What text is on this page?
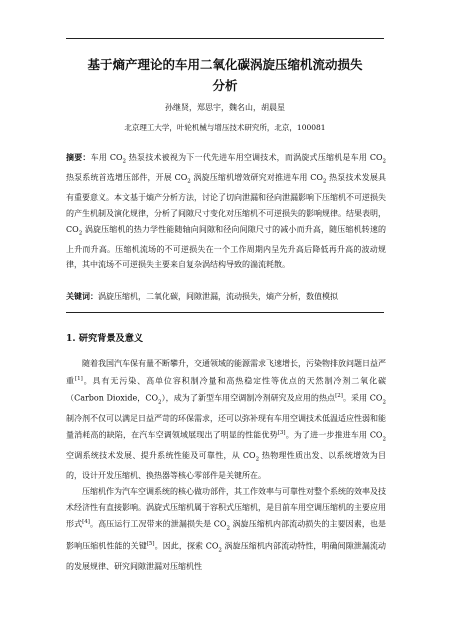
基于熵产理论的车用二氧化碳涡旋压缩机流动损失
分析
孙继贤，郑思宇，魏名山，胡晨星
北京理工大学，叶轮机械与增压技术研究所，北京，100081
摘要：车用 $CO_2$ 热泵技术被视为下一代先进车用空调技术，而涡旋式压缩机是车用 $CO_2$ 热泵系统首选增压部件，开展 $CO_2$ 涡旋压缩机增效研究对推进车用 $CO_2$ 热泵技术发展具有重要意义。本文基于熵产分析方法，讨论了切向泄漏和径向泄漏影响下压缩机不可逆损失的产生机制及演化规律，分析了间隙尺寸变化对压缩机不可逆损失的影响规律。结果表明，$CO_2$ 涡旋压缩机的热力学性能随轴向间隙和径向间隙尺寸的减小而升高，随压缩机转速的上升而升高。压缩机流场的不可逆损失在一个工作周期内呈先升高后降低再升高的波动规律，其中流场不可逆损失主要来自复杂涡结构导致的湍流耗散。
关键词：涡旋压缩机，二氧化碳，间隙泄漏，流动损失，熵产分析，数值模拟
1. 研究背景及意义

随着我国汽车保有量不断攀升，交通领域的能源需求飞速增长，污染物排放问题日益严重[1]。具有无污染、高单位容积制冷量和高热稳定性等优点的天然制冷剂二氧化碳（Carbon Dioxide，$CO_2$），成为了新型车用空调制冷剂研究及应用的热点[2]。采用 $CO_2$ 制冷剂不仅可以满足日益严苛的环保需求，还可以弥补现有车用空调技术低温适应性弱和能量消耗高的缺陷，在汽车空调领域展现出了明显的性能优势[3]。为了进一步推进车用 $CO_2$ 空调系统技术发展、提升系统性能及可靠性，从 $CO_2$ 热物理性质出发、以系统增效为目的，设计开发压缩机、换热器等核心零部件是关键所在。

压缩机作为汽车空调系统的核心做功部件，其工作效率与可靠性对整个系统的效率及技术经济性有直接影响。涡旋式压缩机属于容积式压缩机，是目前车用空调压缩机的主要应用形式[4]。高压运行工况带来的泄漏损失是 $CO_2$ 涡旋压缩机内部流动损失的主要因素，也是影响压缩机性能的关键[5]。因此，探索 $CO_2$ 涡旋压缩机内部流动特性，明确间隙泄漏流动的发展规律、研究间隙泄漏对压缩机性
